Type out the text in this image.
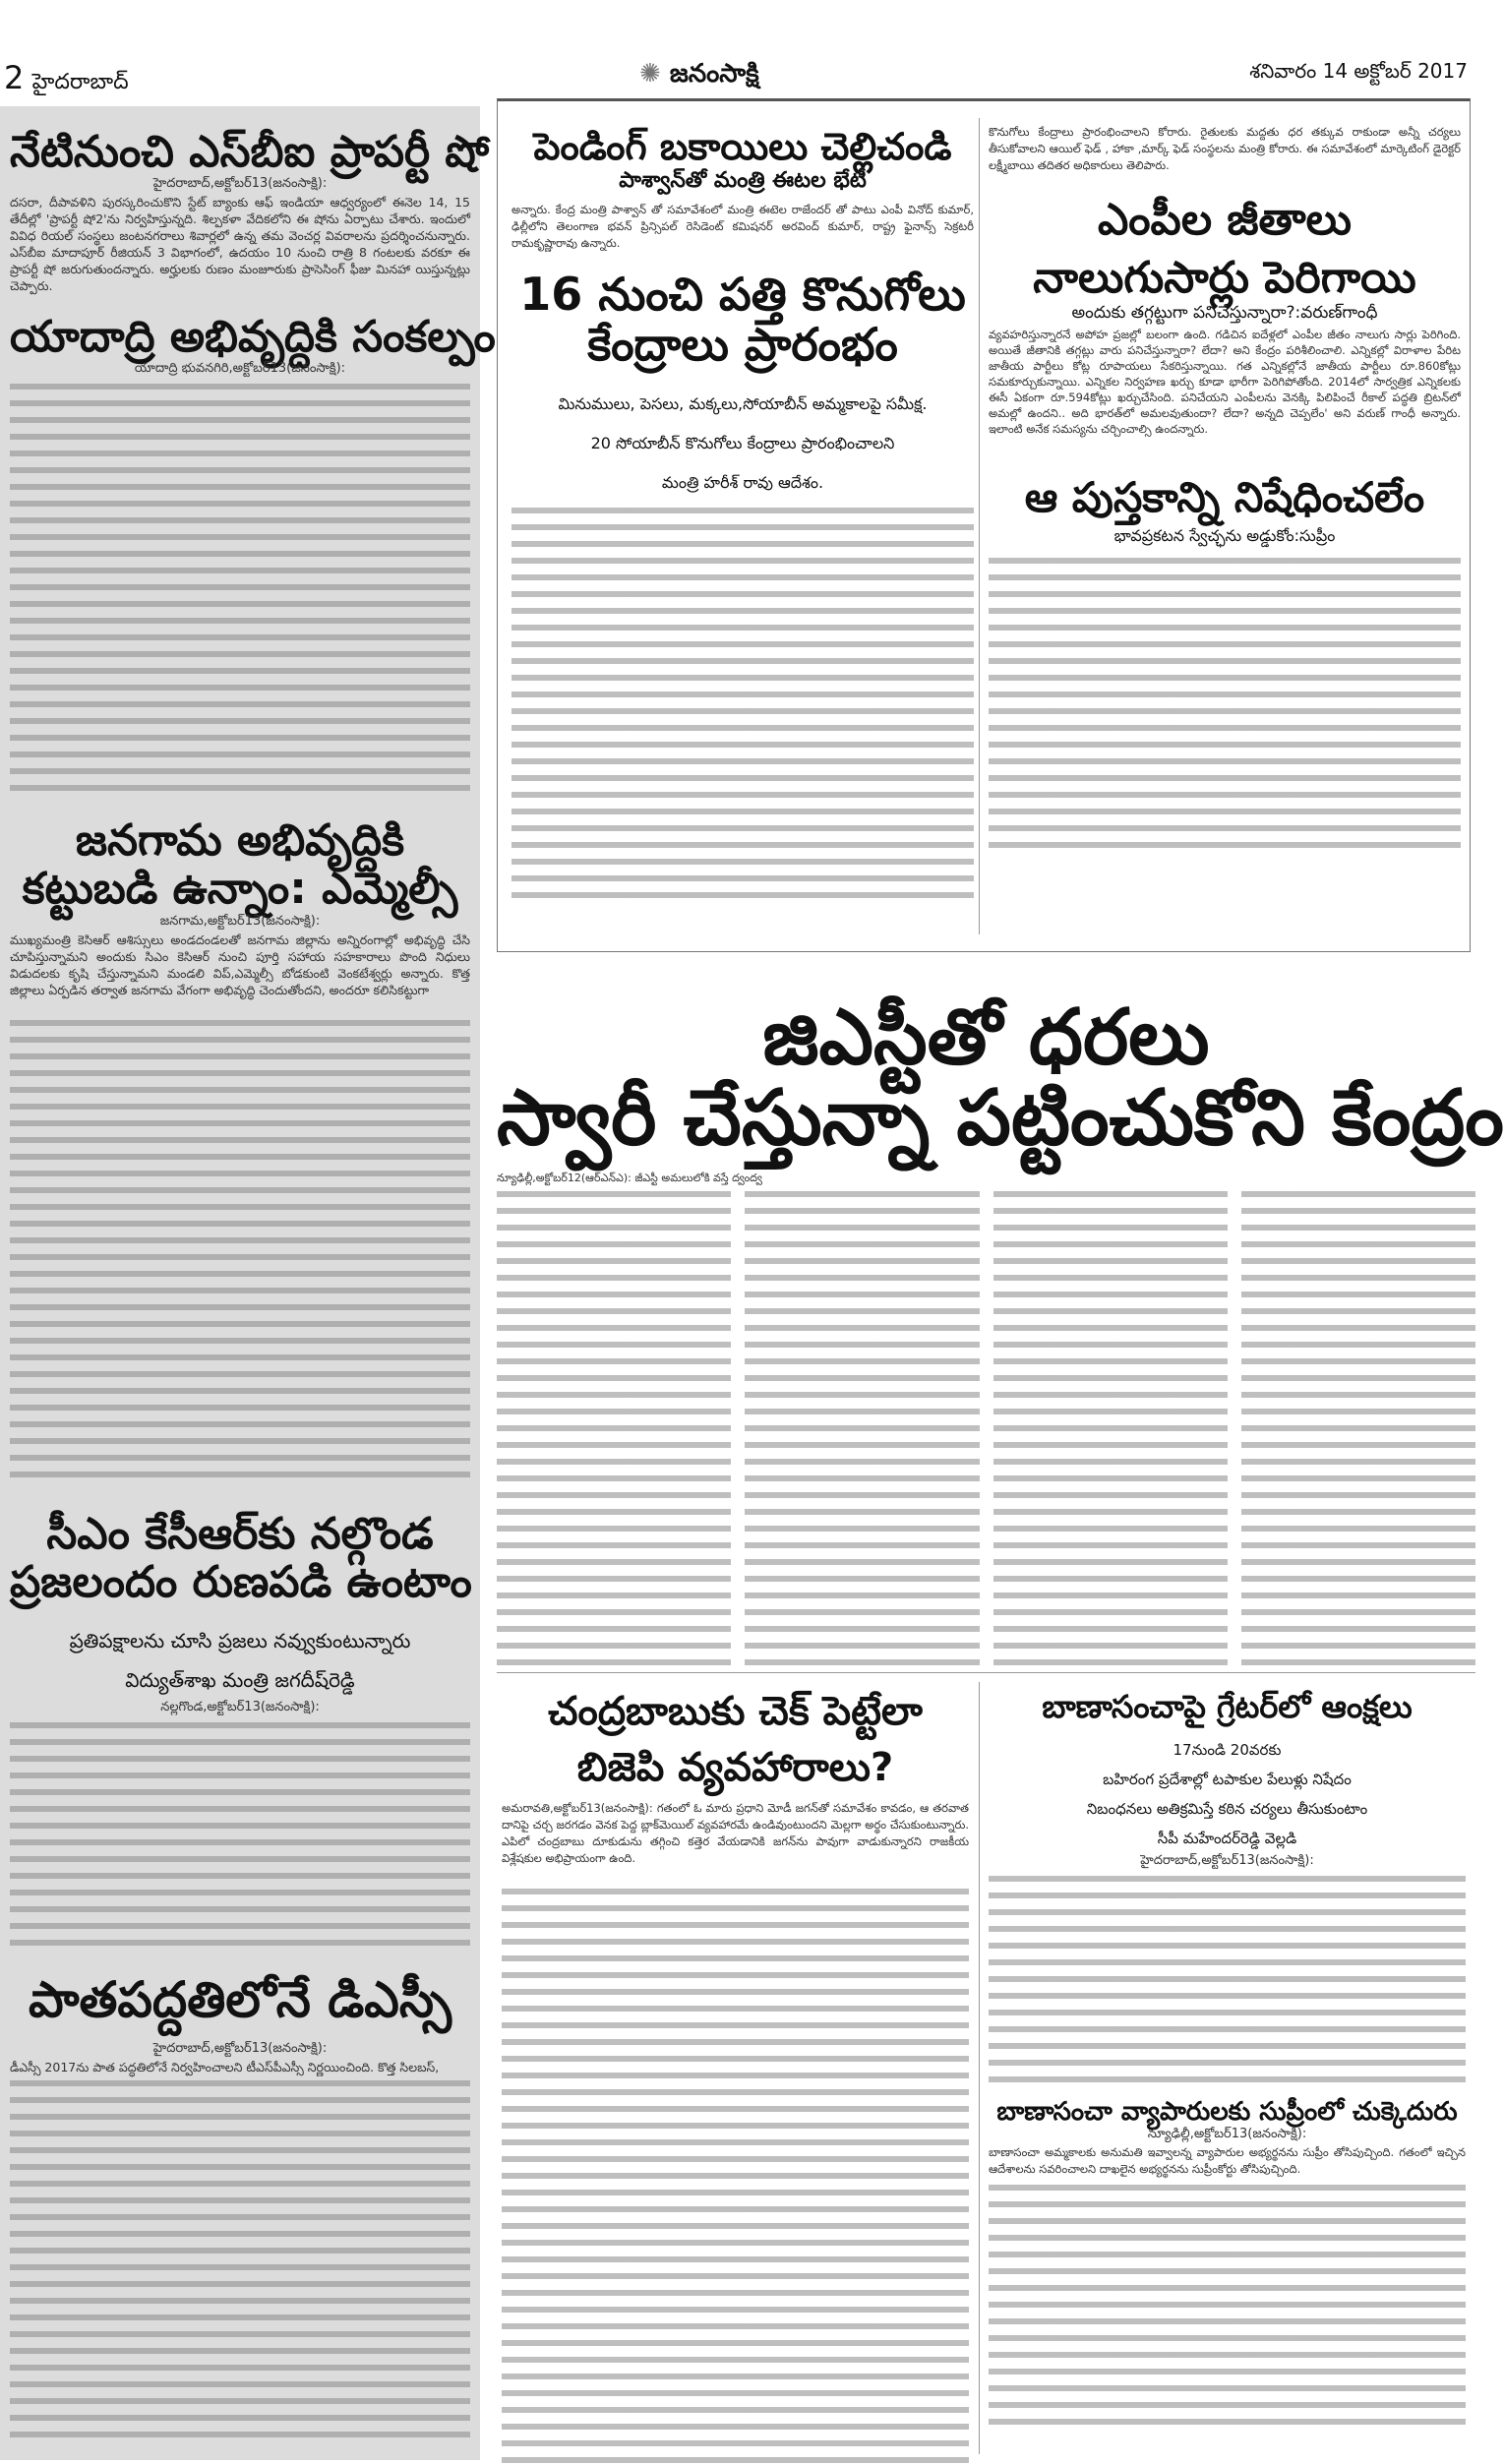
2 హైదరాబాద్	✺ జనంసాక్షి	శనివారం 14 అక్టోబర్ 2017
నేటినుంచి ఎస్‌బీఐ ప్రాపర్టీ షో
హైదరాబాద్,అక్టోబర్13(జనంసాక్షి):
దసరా, దీపావళిని పురస్కరించుకొని స్టేట్ బ్యాంకు ఆఫ్ ఇండియా ఆధ్వర్యంలో ఈనెల 14, 15 తేదీల్లో 'ప్రాపర్టీ షో2'ను నిర్వహిస్తున్నది. శిల్పకళా వేదికలోని ఈ షోను ఏర్పాటు చేశారు. ఇందులో వివిధ రియల్ సంస్థలు జంటనగరాలు శివార్లలో ఉన్న తమ వెంచర్ల వివరాలను ప్రదర్శించనున్నారు. ఎస్‌బీఐ మాదాపూర్ రీజియన్ 3 విభాగంలో, ఉదయం 10 నుంచి రాత్రి 8 గంటలకు వరకూ ఈ ప్రాపర్టీ షో జరుగుతుందన్నారు. అర్హులకు రుణం మంజూరుకు ప్రాసెసింగ్ ఫీజు మినహా యిస్తున్నట్లు చెప్పారు.
యాదాద్రి అభివృద్దికి సంకల్పం
యాదాద్రి భువనగిరి,అక్టోబర్13(జనంసాక్షి):
జనగామ అభివృద్దికి
కట్టుబడి ఉన్నాం: ఎమ్మెల్సీ
జనగామ,అక్టోబర్13(జనంసాక్షి):
ముఖ్యమంత్రి కెసిఆర్ ఆశిస్సులు అండదండలతో జనగామ జిల్లాను అన్నిరంగాల్లో అభివృద్ధి చేసి చూపిస్తున్నామని అందుకు సిఎం కెసిఆర్ నుంచి పూర్తి సహాయ సహకారాలు పొంది నిధులు విడుదలకు కృషి చేస్తున్నామని మండలి విప్,ఎమ్మెల్సీ బోడకుంటి వెంకటేశ్వర్లు అన్నారు. కొత్త జిల్లాలు ఏర్పడిన తర్వాత జనగామ వేగంగా అభివృద్ధి చెందుతోందని, అందరూ కలిసికట్టుగా
సీఎం కేసీఆర్‌కు నల్గొండ
ప్రజలందం రుణపడి ఉంటాం
ప్రతిపక్షాలను చూసి ప్రజలు నవ్వుకుంటున్నారు
విద్యుత్‌శాఖ మంత్రి జగదీష్‌రెడ్డి
నల్లగొండ,అక్టోబర్13(జనంసాక్షి):
పాతపద్దతిలోనే డిఎస్సీ
హైదరాబాద్,అక్టోబర్13(జనంసాక్షి):
డీఎస్సీ 2017ను పాత పద్ధతిలోనే నిర్వహించాలని టీఎస్‌పీఎస్సీ నిర్ణయించింది. కొత్త సిలబస్,
పెండింగ్ బకాయిలు చెల్లిచండి
పాశ్వాన్‌తో మంత్రి ఈటల భేటీ
అన్నారు. కేంద్ర మంత్రి పాశ్వాన్ తో సమావేశంలో మంత్రి ఈటెల రాజేందర్ తో పాటు ఎంపీ వినోద్ కుమార్, ఢిల్లీలోని తెలంగాణ భవన్ ప్రిన్సిపల్ రెసిడెంట్ కమిషనర్ అరవింద్ కుమార్, రాష్ట్ర ఫైనాన్స్ సెక్రటరీ రామకృష్ణారావు ఉన్నారు.
16 నుంచి పత్తి కొనుగోలు
కేంద్రాలు ప్రారంభం
మినుములు, పెసలు, మక్కలు,సోయాబీన్ అమ్మకాలపై సమీక్ష.
20 సోయాబీన్ కొనుగోలు కేంద్రాలు ప్రారంభించాలని
మంత్రి హరీశ్ రావు ఆదేశం.
కొనుగోలు కేంద్రాలు ప్రారంభించాలని కోరారు. రైతులకు మద్దతు ధర తక్కువ రాకుండా అన్నీ చర్యలు తీసుకోవాలని ఆయిల్ ఫెడ్ , హాకా ,మార్క్ ఫెడ్ సంస్థలను మంత్రి కోరారు. ఈ సమావేశంలో మార్కెటింగ్ డైరెక్టర్ లక్ష్మీబాయి తదితర అధికారులు తెలిపారు.
ఎంపీల జీతాలు
నాలుగుసార్లు పెరిగాయి
అందుకు తగ్గట్టుగా పనిచేస్తున్నారా?:వరుణ్‌గాంధీ
వ్యవహరిస్తున్నారనే అపోహ ప్రజల్లో బలంగా ఉంది. గడిచిన ఐదేళ్లలో ఎంపీల జీతం నాలుగు సార్లు పెరిగింది. అయితే జీతానికి తగ్గట్లు వారు పనిచేస్తున్నారా? లేదా? అని కేంద్రం పరిశీలించాలి. ఎన్నికల్లో విరాళాల పేరిట జాతీయ పార్టీలు కోట్ల రూపాయలు సేకరిస్తున్నాయి. గత ఎన్నికల్లోనే జాతీయ పార్టీలు రూ.860కోట్లు సమకూర్చుకున్నాయి. ఎన్నికల నిర్వహణ ఖర్చు కూడా భారీగా పెరిగిపోతోంది. 2014లో సార్వత్రిక ఎన్నికలకు ఈసీ ఏకంగా రూ.594కోట్లు ఖర్చుచేసింది. పనిచేయని ఎంపీలను వెనక్కి పిలిపించే రీకాల్ పద్ధతి బ్రిటన్‌లో అమల్లో ఉందని.. అది భారత్‌లో అమలవుతుందా? లేదా? అన్నది చెప్పలేం' అని వరుణ్ గాంధీ అన్నారు. ఇలాంటి అనేక సమస్యను చర్చించాల్సి ఉందన్నారు.
ఆ పుస్తకాన్ని నిషేధించలేం
భావప్రకటన స్వేచ్ఛను అడ్డుకోం:సుప్రీం
జిఎస్టీతో ధరలు
స్వారీ చేస్తున్నా పట్టించుకోని కేంద్రం
న్యూఢిల్లీ,అక్టోబర్12(ఆర్‌ఎన్‌ఎ): జీఎస్టీ అమలులోకి వస్తే ద్వంద్వ
చంద్రబాబుకు చెక్ పెట్టేలా
బిజెపి వ్యవహారాలు?
అమరావతి,అక్టోబర్13(జనంసాక్షి): గతంలో ఓ మారు ప్రధాని మోడీ జగన్‌తో సమావేశం కావడం, ఆ తరవాత దానిపై చర్చ జరగడం వెనక పెద్ద బ్లాక్‌మెయిల్ వ్యవహారమే ఉండివుంటుందని మెల్లగా అర్థం చేసుకుంటున్నారు. ఎపిలో చంద్రబాబు దూకుడును తగ్గించి కత్తెర వేయడానికి జగన్‌ను పావుగా వాడుకున్నారని రాజకీయ విశ్లేషకుల అభిప్రాయంగా ఉంది.
బాణాసంచాపై గ్రేటర్‌లో ఆంక్షలు
17నుండి 20వరకు
బహిరంగ ప్రదేశాల్లో టపాకుల పేలుళ్లు నిషేదం
నిబంధనలు అతిక్రమిస్తే కఠిన చర్యలు తీసుకుంటాం
సీపీ మహేందర్‌రెడ్డి వెల్లడి
హైదరాబాద్,అక్టోబర్13(జనంసాక్షి):
బాణాసంచా వ్యాపారులకు సుప్రీంలో చుక్కెదురు
న్యూఢిల్లీ,అక్టోబర్13(జనంసాక్షి):
బాణాసంచా అమ్మకాలకు అనుమతి ఇవ్వాలన్న వ్యాపారుల అభ్యర్థనను సుప్రీం తోసిపుచ్చింది. గతంలో ఇచ్చిన ఆదేశాలను సవరించాలని దాఖలైన అభ్యర్థనను సుప్రీంకోర్టు తోసిపుచ్చింది.
